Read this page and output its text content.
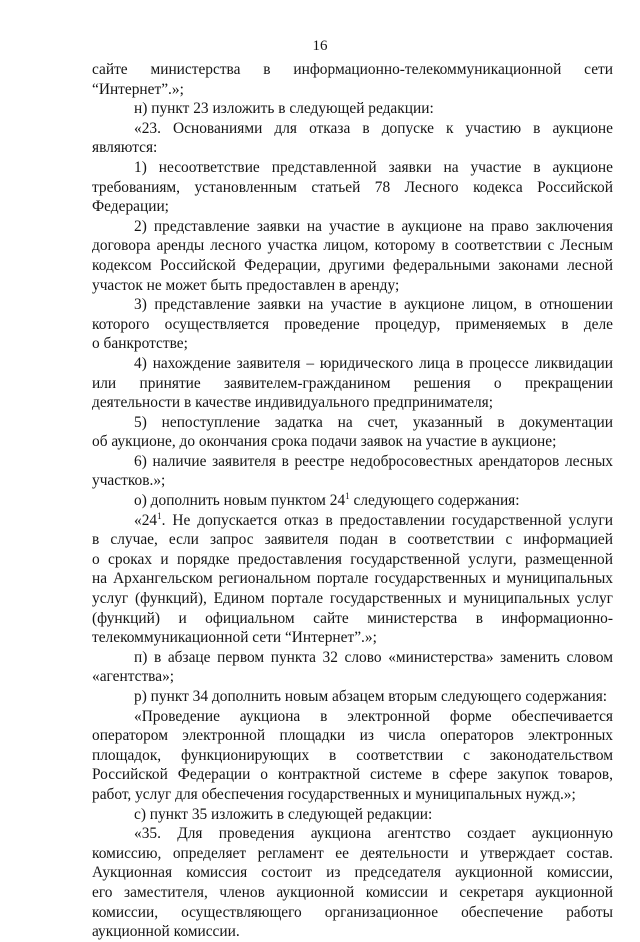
16
сайте министерства в информационно-телекоммуникационной сети
“Интернет”.»;
н) пункт 23 изложить в следующей редакции:
«23. Основаниями для отказа в допуске к участию в аукционе
являются:
1) несоответствие представленной заявки на участие в аукционе
требованиям, установленным статьей 78 Лесного кодекса Российской
Федерации;
2) представление заявки на участие в аукционе на право заключения
договора аренды лесного участка лицом, которому в соответствии с Лесным
кодексом Российской Федерации, другими федеральными законами лесной
участок не может быть предоставлен в аренду;
3) представление заявки на участие в аукционе лицом, в отношении
которого осуществляется проведение процедур, применяемых в деле
о банкротстве;
4) нахождение заявителя – юридического лица в процессе ликвидации
или принятие заявителем-гражданином решения о прекращении
деятельности в качестве индивидуального предпринимателя;
5) непоступление задатка на счет, указанный в документации
об аукционе, до окончания срока подачи заявок на участие в аукционе;
6) наличие заявителя в реестре недобросовестных арендаторов лесных
участков.»;
о) дополнить новым пунктом $24^1$ следующего содержания:
«$24^1$. Не допускается отказ в предоставлении государственной услуги
в случае, если запрос заявителя подан в соответствии с информацией
о сроках и порядке предоставления государственной услуги, размещенной
на Архангельском региональном портале государственных и муниципальных
услуг (функций), Едином портале государственных и муниципальных услуг
(функций) и официальном сайте министерства в информационно-
телекоммуникационной сети “Интернет”.»;
п) в абзаце первом пункта 32 слово «министерства» заменить словом
«агентства»;
р) пункт 34 дополнить новым абзацем вторым следующего содержания:
«Проведение аукциона в электронной форме обеспечивается
оператором электронной площадки из числа операторов электронных
площадок, функционирующих в соответствии с законодательством
Российской Федерации о контрактной системе в сфере закупок товаров,
работ, услуг для обеспечения государственных и муниципальных нужд.»;
с) пункт 35 изложить в следующей редакции:
«35. Для проведения аукциона агентство создает аукционную
комиссию, определяет регламент ее деятельности и утверждает состав.
Аукционная комиссия состоит из председателя аукционной комиссии,
его заместителя, членов аукционной комиссии и секретаря аукционной
комиссии, осуществляющего организационное обеспечение работы
аукционной комиссии.
